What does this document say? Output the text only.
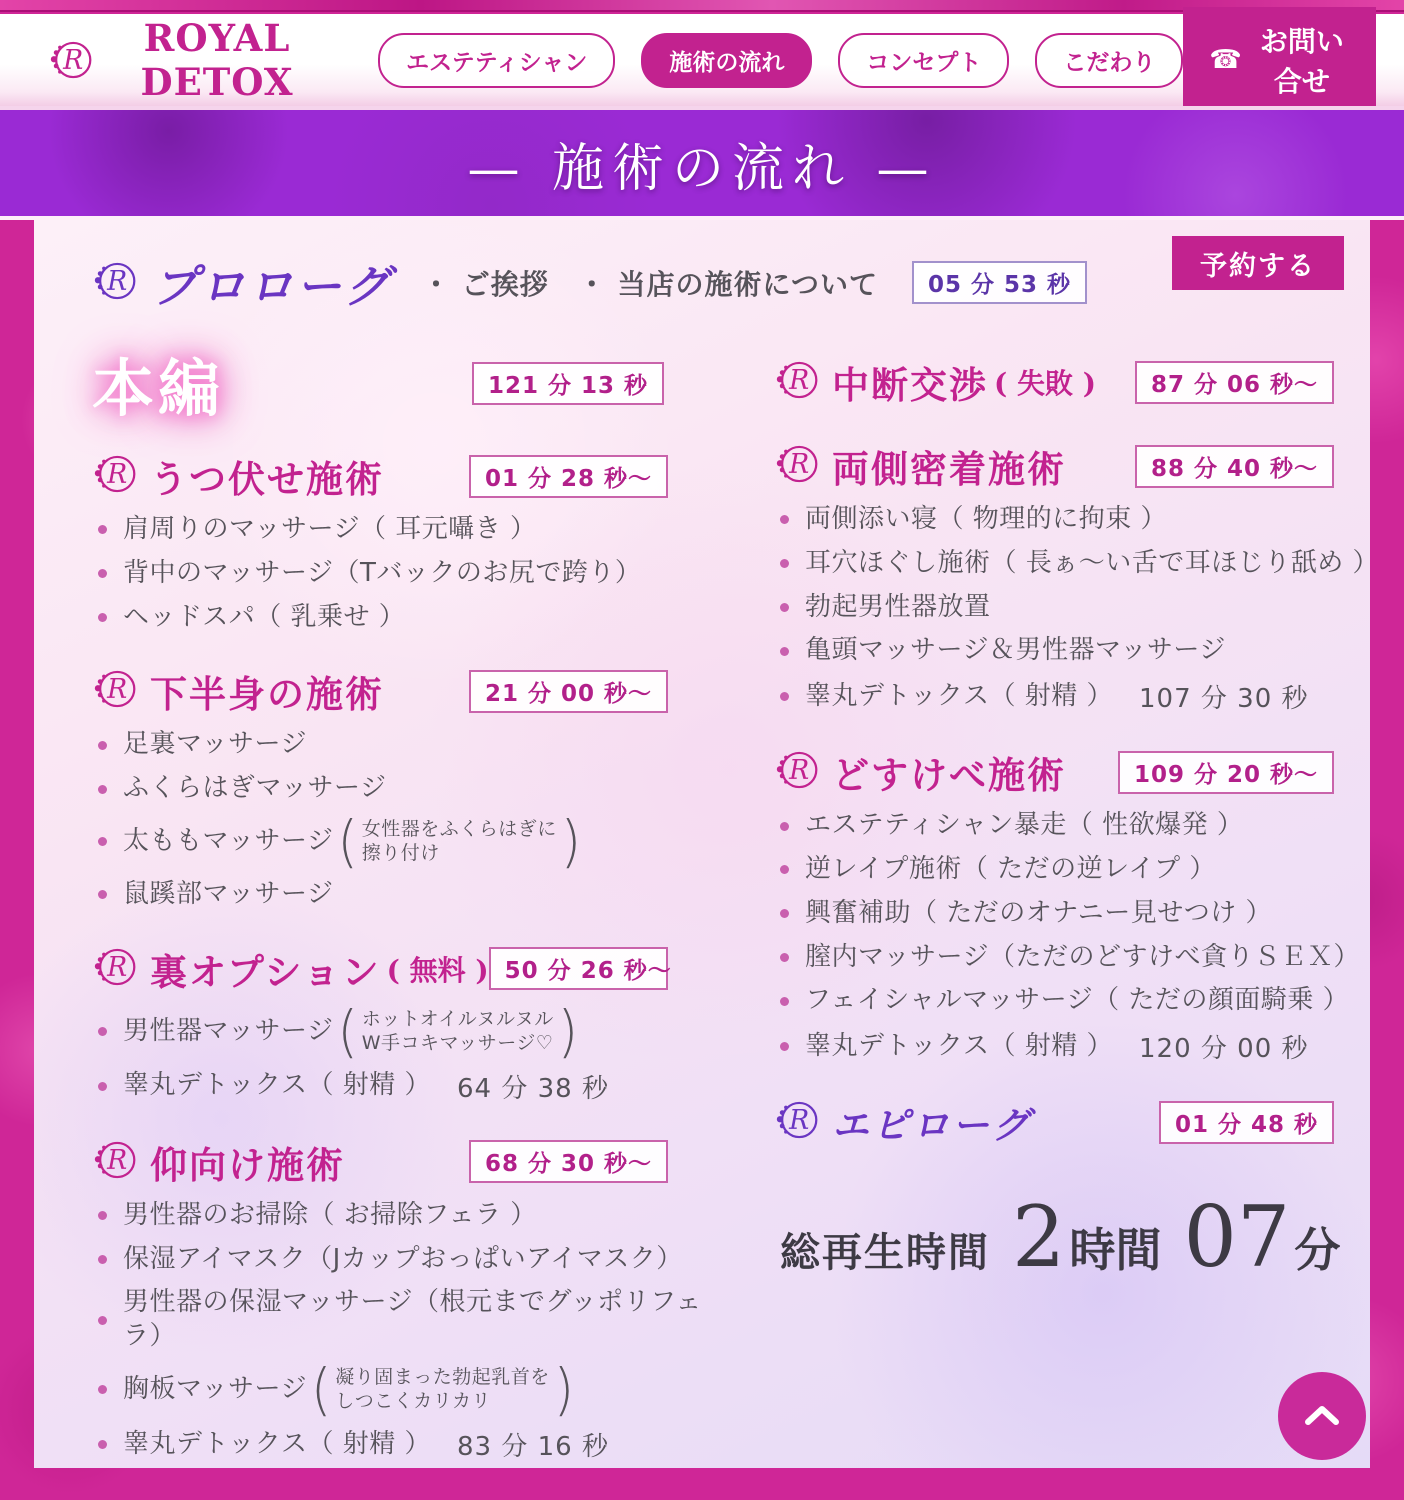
R
ROYAL DETOX	エステティシャン	施術の流れ	コンセプト	こだわり	☎
お問い合せ
— 施術の流れ —
予約する
R プロローグ ・ ご挨拶　・ 当店の施術について	05 分 53 秒
本編	121 分 13 秒
R うつ伏せ施術	01 分 28 秒〜
肩周りのマッサージ（ 耳元囁き ）
背中のマッサージ（Tバックのお尻で跨り）
ヘッドスパ（ 乳乗せ ）
R 下半身の施術	21 分 00 秒〜
足裏マッサージ
ふくらはぎマッサージ
太ももマッサージ ( 女性器をふくらはぎに
擦り付け	)
鼠蹊部マッサージ
R 裏オプション ( 無料 ) 50 分 26 秒〜
男性器マッサージ ( ホットオイルヌルヌル
W手コキマッサージ♡ )
睾丸デトックス（ 射精 ） 64 分 38 秒
R 仰向け施術	68 分 30 秒〜
男性器のお掃除（ お掃除フェラ ）
保湿アイマスク（Jカップおっぱいアイマスク）
男性器の保湿マッサージ（根元までグッポリフェラ）
胸板マッサージ ( 凝り固まった勃起乳首を
しつこくカリカリ	)
睾丸デトックス（ 射精 ） 83 分 16 秒
R 中断交渉 ( 失敗 )	87 分 06 秒〜
R 両側密着施術	88 分 40 秒〜
両側添い寝（ 物理的に拘束 ）
耳穴ほぐし施術（ 長ぁ〜い舌で耳ほじり舐め ）
勃起男性器放置
亀頭マッサージ＆男性器マッサージ
睾丸デトックス（ 射精 ） 107 分 30 秒
R どすけべ施術	109 分 20 秒〜
エステティシャン暴走（ 性欲爆発 ）
逆レイプ施術（ ただの逆レイプ ）
興奮補助（ ただのオナニー見せつけ ）
膣内マッサージ（ただのどすけべ貪りＳＥＸ）
フェイシャルマッサージ（ ただの顔面騎乗 ）
睾丸デトックス（ 射精 ） 120 分 00 秒
R エピローグ	01 分 48 秒
総再生時間 2 時間 07 分
